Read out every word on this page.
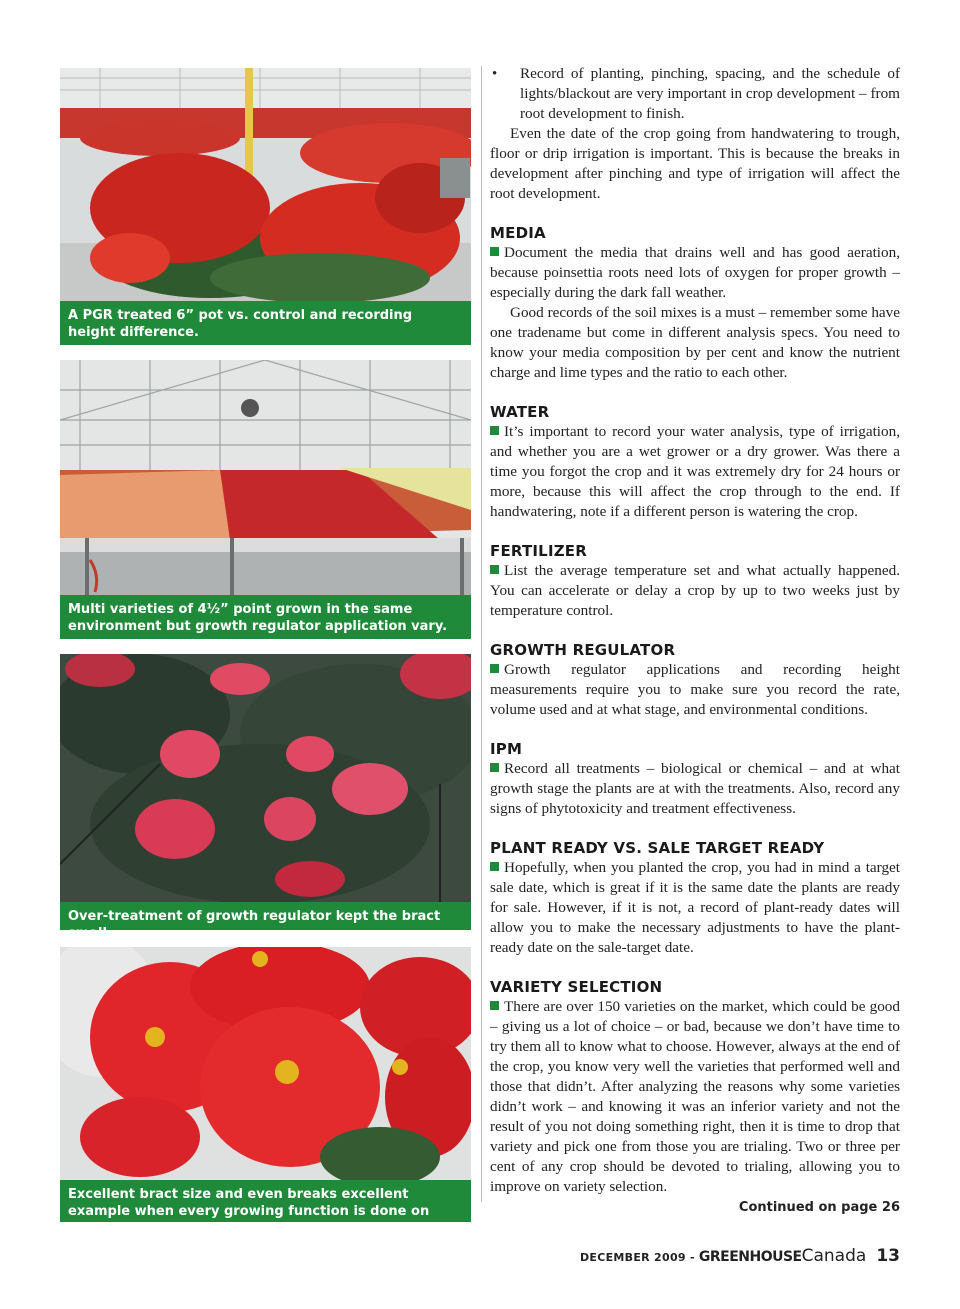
A PGR treated 6” pot vs. control and recording height difference.
Multi varieties of 4½” point grown in the same environment but growth regulator application vary.
Over-treatment of growth regulator kept the bract small.
Excellent bract size and even breaks excellent example when every growing function is done on time.
•	Record of planting, pinching, spacing, and the schedule of lights/blackout are very important in crop development – from root development to finish.

Even the date of the crop going from handwatering to trough, floor or drip irrigation is important. This is because the breaks in development after pinching and type of irrigation will affect the root development.

MEDIA

Document the media that drains well and has good aeration, because poinsettia roots need lots of oxygen for proper growth – especially during the dark fall weather.

Good records of the soil mixes is a must – remember some have one tradename but come in different analysis specs. You need to know your media composition by per cent and know the nutrient charge and lime types and the ratio to each other.

WATER

It’s important to record your water analysis, type of irrigation, and whether you are a wet grower or a dry grower. Was there a time you forgot the crop and it was extremely dry for 24 hours or more, because this will affect the crop through to the end. If handwatering, note if a different person is watering the crop.

FERTILIZER

List the average temperature set and what actually happened. You can accelerate or delay a crop by up to two weeks just by temperature control.

GROWTH REGULATOR

Growth regulator applications and recording height measurements require you to make sure you record the rate, volume used and at what stage, and environmental conditions.

IPM

Record all treatments – biological or chemical – and at what growth stage the plants are at with the treatments. Also, record any signs of phytotoxicity and treatment effectiveness.

PLANT READY VS. SALE TARGET READY

Hopefully, when you planted the crop, you had in mind a target sale date, which is great if it is the same date the plants are ready for sale. However, if it is not, a record of plant-ready dates will allow you to make the necessary adjustments to have the plant-ready date on the sale-target date.

VARIETY SELECTION

There are over 150 varieties on the market, which could be good – giving us a lot of choice – or bad, because we don’t have time to try them all to know what to choose. However, always at the end of the crop, you know very well the varieties that performed well and those that didn’t. After analyzing the reasons why some varieties didn’t work – and knowing it was an inferior variety and not the result of you not doing something right, then it is time to drop that variety and pick one from those you are trialing. Two or three per cent of any crop should be devoted to trialing, allowing you to improve on variety selection.

Continued on page 26

DECEMBER 2009 - GREENHOUSE Canada 13
